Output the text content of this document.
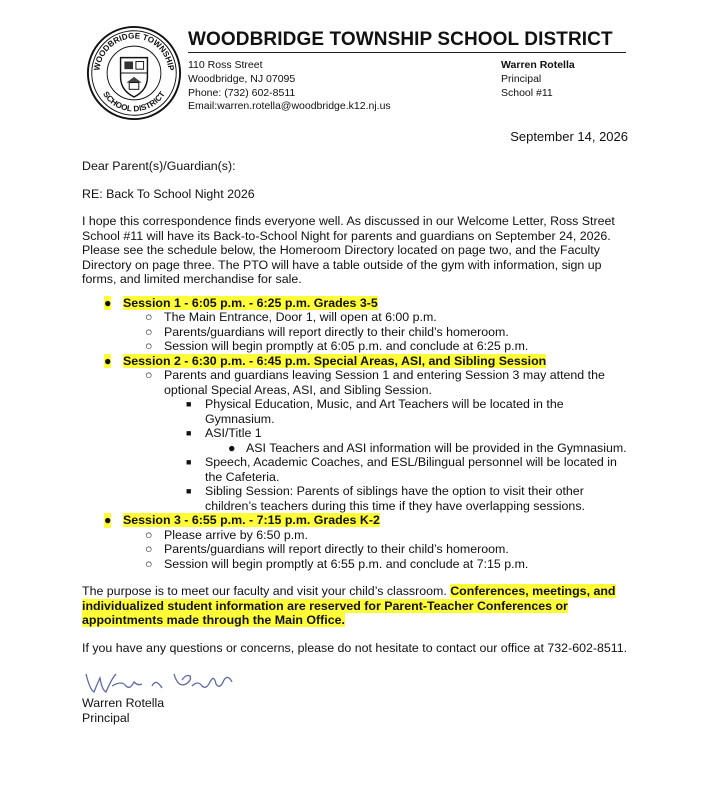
WOODBRIDGE TOWNSHIP
SCHOOL DISTRICT
WOODBRIDGE TOWNSHIP SCHOOL DISTRICT
110 Ross Street
Woodbridge, NJ 07095
Phone: (732) 602-8511
Email:warren.rotella@woodbridge.k12.nj.us
Warren Rotella
Principal
School #11
September 14, 2026

Dear Parent(s)/Guardian(s):

RE: Back To School Night 2026

I hope this correspondence finds everyone well. As discussed in our Welcome Letter, Ross Street School #11 will have its Back-to-School Night for parents and guardians on September 24, 2026. Please see the schedule below, the Homeroom Directory located on page two, and the Faculty Directory on page three. The PTO will have a table outside of the gym with information, sign up forms, and limited merchandise for sale.

● Session 1 - 6:05 p.m. - 6:25 p.m. Grades 3-5
○ The Main Entrance, Door 1, will open at 6:00 p.m.
○ Parents/guardians will report directly to their child’s homeroom.
○ Session will begin promptly at 6:05 p.m. and conclude at 6:25 p.m.
● Session 2 - 6:30 p.m. - 6:45 p.m. Special Areas, ASI, and Sibling Session
○ Parents and guardians leaving Session 1 and entering Session 3 may attend the optional Special Areas, ASI, and Sibling Session.
■ Physical Education, Music, and Art Teachers will be located in the Gymnasium.
■ ASI/Title 1
● ASI Teachers and ASI information will be provided in the Gymnasium.
■ Speech, Academic Coaches, and ESL/Bilingual personnel will be located in the Cafeteria.
■ Sibling Session: Parents of siblings have the option to visit their other children’s teachers during this time if they have overlapping sessions.
● Session 3 - 6:55 p.m. - 7:15 p.m. Grades K-2
○ Please arrive by 6:50 p.m.
○ Parents/guardians will report directly to their child’s homeroom.
○ Session will begin promptly at 6:55 p.m. and conclude at 7:15 p.m.

The purpose is to meet our faculty and visit your child’s classroom. Conferences, meetings, and individualized student information are reserved for Parent-Teacher Conferences or appointments made through the Main Office.

If you have any questions or concerns, please do not hesitate to contact our office at 732-602-8511.

Warren Rotella
Principal
